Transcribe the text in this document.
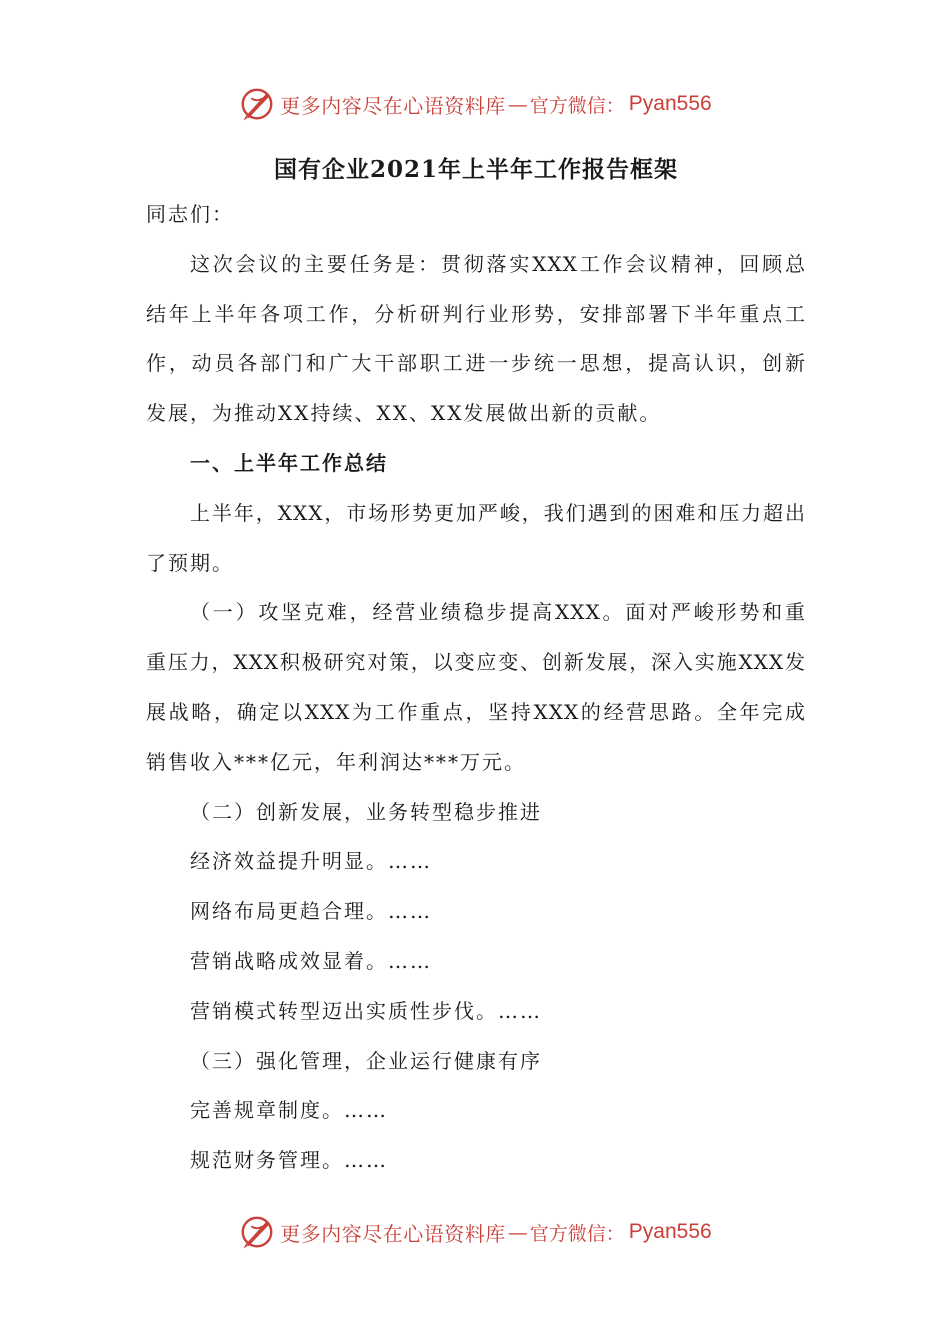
更多内容尽在心语资料库 — 官方微信： Pyan556
国有企业2021年上半年工作报告框架

同志们：

这次会议的主要任务是：贯彻落实XXX工作会议精神，回顾总

结年上半年各项工作，分析研判行业形势，安排部署下半年重点工

作，动员各部门和广大干部职工进一步统一思想，提高认识，创新

发展，为推动XX持续、XX、XX发展做出新的贡献。

一、上半年工作总结

上半年，XXX，市场形势更加严峻，我们遇到的困难和压力超出

了预期。

（一）攻坚克难，经营业绩稳步提高XXX。面对严峻形势和重

重压力，XXX积极研究对策，以变应变、创新发展，深入实施XXX发

展战略，确定以XXX为工作重点，坚持XXX的经营思路。全年完成

销售收入***亿元，年利润达***万元。

（二）创新发展，业务转型稳步推进

经济效益提升明显。……

网络布局更趋合理。……

营销战略成效显着。……

营销模式转型迈出实质性步伐。……

（三）强化管理，企业运行健康有序

完善规章制度。……

规范财务管理。……

更多内容尽在心语资料库 — 官方微信： Pyan556
